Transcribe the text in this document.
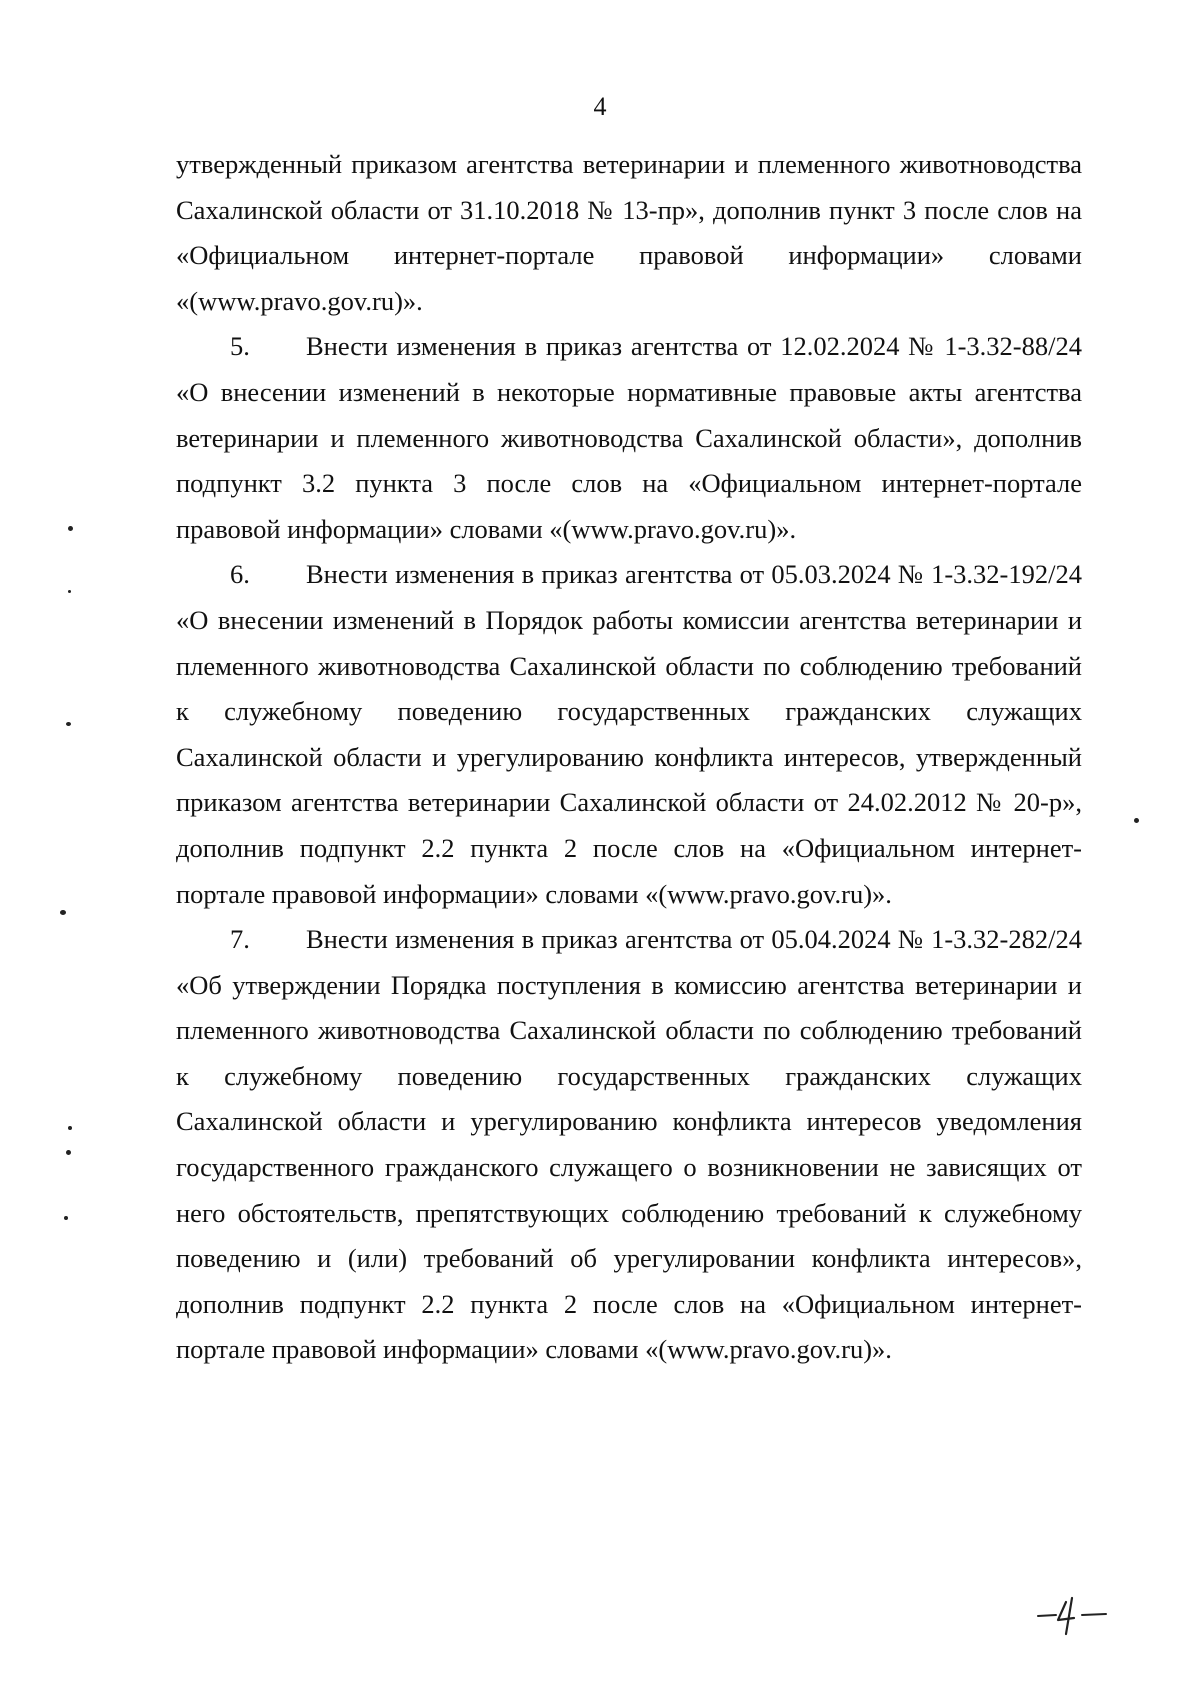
4

утвержденный приказом агентства ветеринарии и племенного животноводства Сахалинской области от 31.10.2018 № 13-пр», дополнив пункт 3 после слов на «Официальном интернет-портале правовой информации» словами «(www.pravo.gov.ru)».

5. Внести изменения в приказ агентства от 12.02.2024 № 1-3.32-88/24 «О внесении изменений в некоторые нормативные правовые акты агентства ветеринарии и племенного животноводства Сахалинской области», дополнив подпункт 3.2 пункта 3 после слов на «Официальном интернет-портале правовой информации» словами «(www.pravo.gov.ru)».

6. Внести изменения в приказ агентства от 05.03.2024 № 1-3.32-192/24 «О внесении изменений в Порядок работы комиссии агентства ветеринарии и племенного животноводства Сахалинской области по соблюдению требований к служебному поведению государственных гражданских служащих Сахалинской области и урегулированию конфликта интересов, утвержденный приказом агентства ветеринарии Сахалинской области от 24.02.2012 № 20-р», дополнив подпункт 2.2 пункта 2 после слов на «Официальном интернет-портале правовой информации» словами «(www.pravo.gov.ru)».

7. Внести изменения в приказ агентства от 05.04.2024 № 1-3.32-282/24 «Об утверждении Порядка поступления в комиссию агентства ветеринарии и племенного животноводства Сахалинской области по соблюдению требований к служебному поведению государственных гражданских служащих Сахалинской области и урегулированию конфликта интересов уведомления государственного гражданского служащего о возникновении не зависящих от него обстоятельств, препятствующих соблюдению требований к служебному поведению и (или) требований об урегулировании конфликта интересов», дополнив подпункт 2.2 пункта 2 после слов на «Официальном интернет-портале правовой информации» словами «(www.pravo.gov.ru)».
